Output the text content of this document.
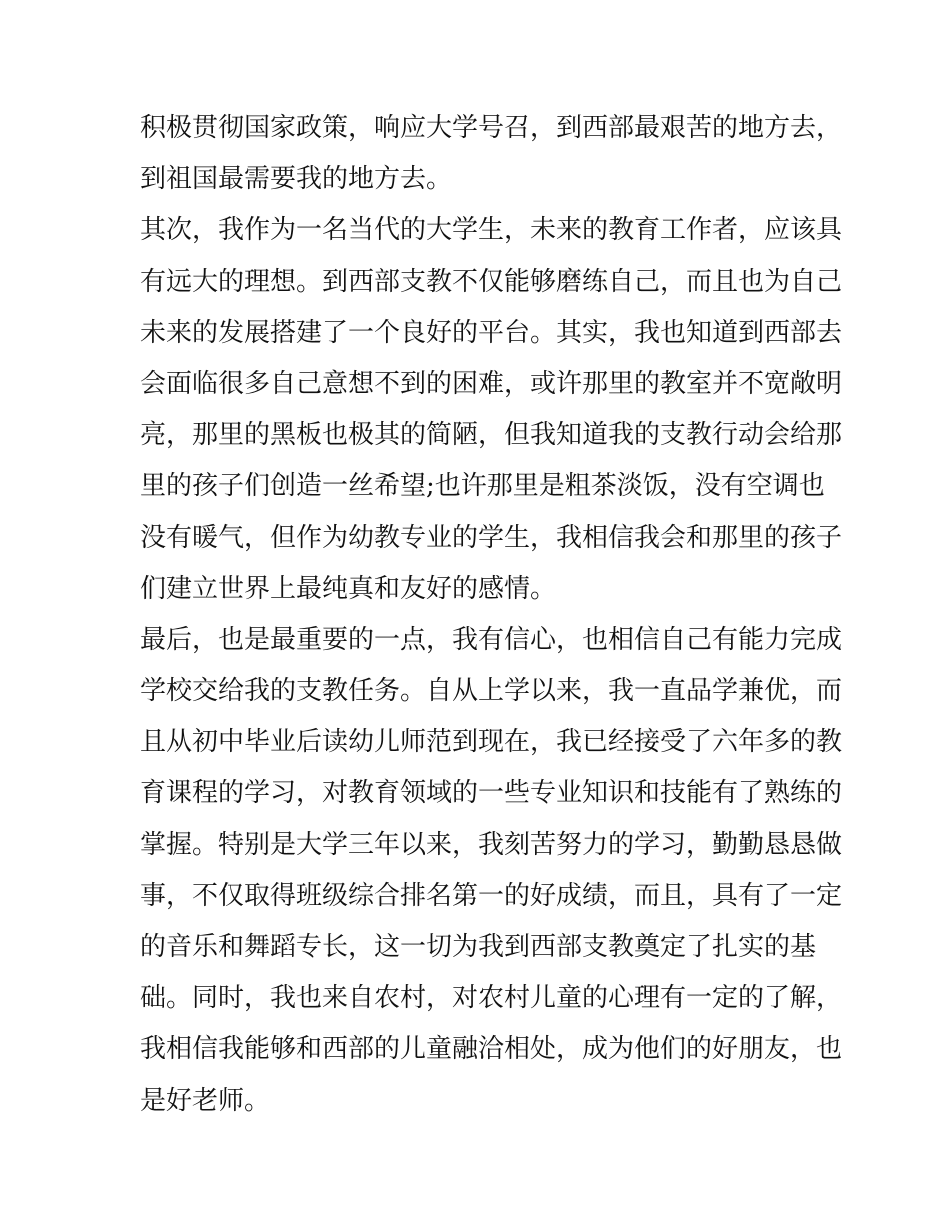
积极贯彻国家政策，响应大学号召，到西部最艰苦的地方去，
到祖国最需要我的地方去。
其次，我作为一名当代的大学生，未来的教育工作者，应该具
有远大的理想。到西部支教不仅能够磨练自己，而且也为自己
未来的发展搭建了一个良好的平台。其实，我也知道到西部去
会面临很多自己意想不到的困难，或许那里的教室并不宽敞明
亮，那里的黑板也极其的简陋，但我知道我的支教行动会给那
里的孩子们创造一丝希望;也许那里是粗茶淡饭，没有空调也
没有暖气，但作为幼教专业的学生，我相信我会和那里的孩子
们建立世界上最纯真和友好的感情。
最后，也是最重要的一点，我有信心，也相信自己有能力完成
学校交给我的支教任务。自从上学以来，我一直品学兼优，而
且从初中毕业后读幼儿师范到现在，我已经接受了六年多的教
育课程的学习，对教育领域的一些专业知识和技能有了熟练的
掌握。特别是大学三年以来，我刻苦努力的学习，勤勤恳恳做
事，不仅取得班级综合排名第一的好成绩，而且，具有了一定
的音乐和舞蹈专长，这一切为我到西部支教奠定了扎实的基
础。同时，我也来自农村，对农村儿童的心理有一定的了解，
我相信我能够和西部的儿童融洽相处，成为他们的好朋友，也
是好老师。
